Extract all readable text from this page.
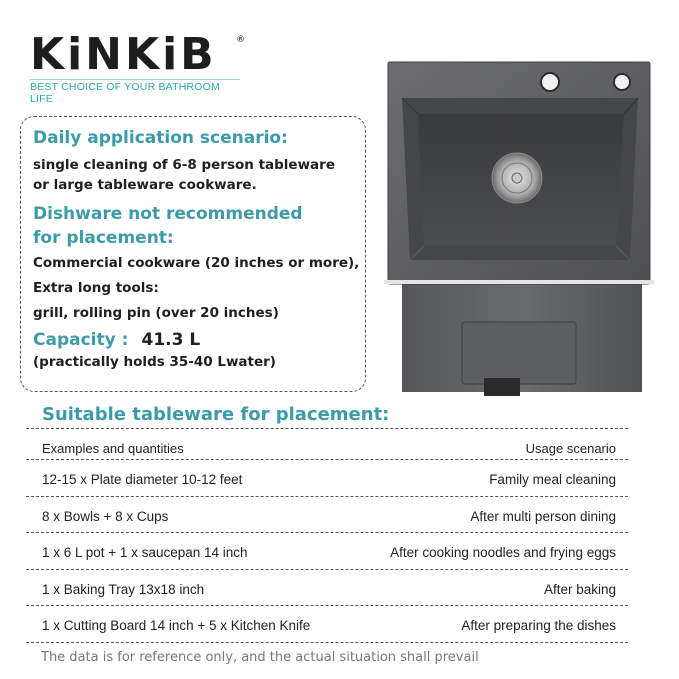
KiNKiB	®
BEST CHOICE OF YOUR BATHROOM LIFE
Daily application scenario:
single cleaning of 6-8 person tableware
or large tableware cookware.
Dishware not recommended
for placement:
Commercial cookware (20 inches or more),
Extra long tools:
grill, rolling pin (over 20 inches)
Capacity : 41.3 L
(practically holds 35-40 Lwater)
Suitable tableware for placement:
Examples and quantities	Usage scenario
12-15 x Plate diameter 10-12 feet	Family meal cleaning
8 x Bowls + 8 x Cups	After multi person dining
1 x 6 L pot + 1 x saucepan 14 inch	After cooking noodles and frying eggs
1 x Baking Tray 13x18 inch	After baking
1 x Cutting Board 14 inch + 5 x Kitchen Knife	After preparing the dishes
The data is for reference only, and the actual situation shall prevail
